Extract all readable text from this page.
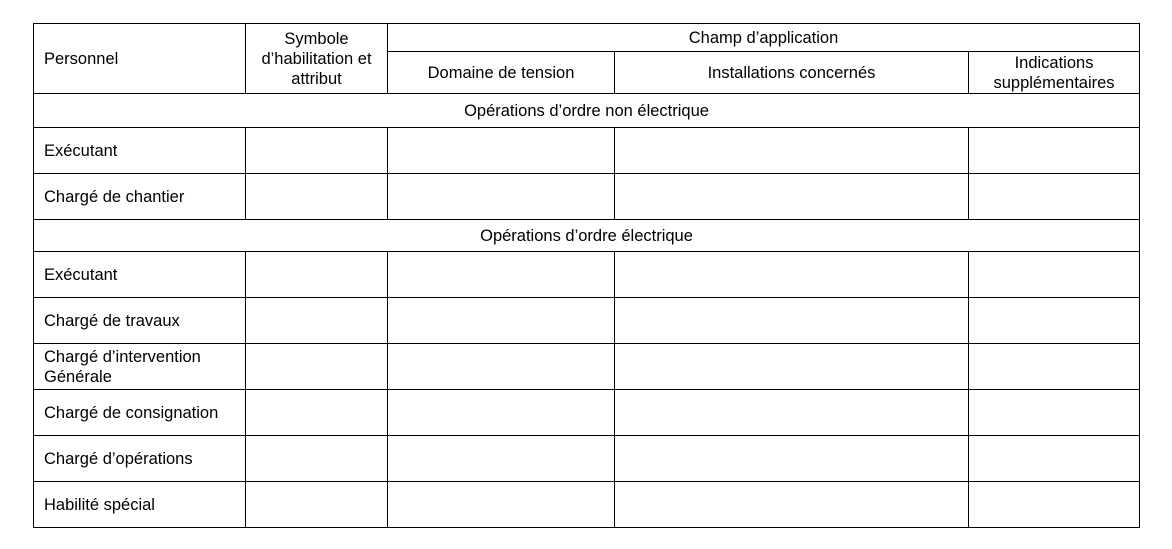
Personnel	Symbole d’habilitation et attribut	Champ d’application		
		Domaine de tension	Installations concernés	Indications supplémentaires
Opérations d’ordre non électrique				
Exécutant				
Chargé de chantier				
Opérations d’ordre électrique				
Exécutant				
Chargé de travaux				
Chargé d’intervention Générale				
Chargé de consignation				
Chargé d’opérations				
Habilité spécial				
